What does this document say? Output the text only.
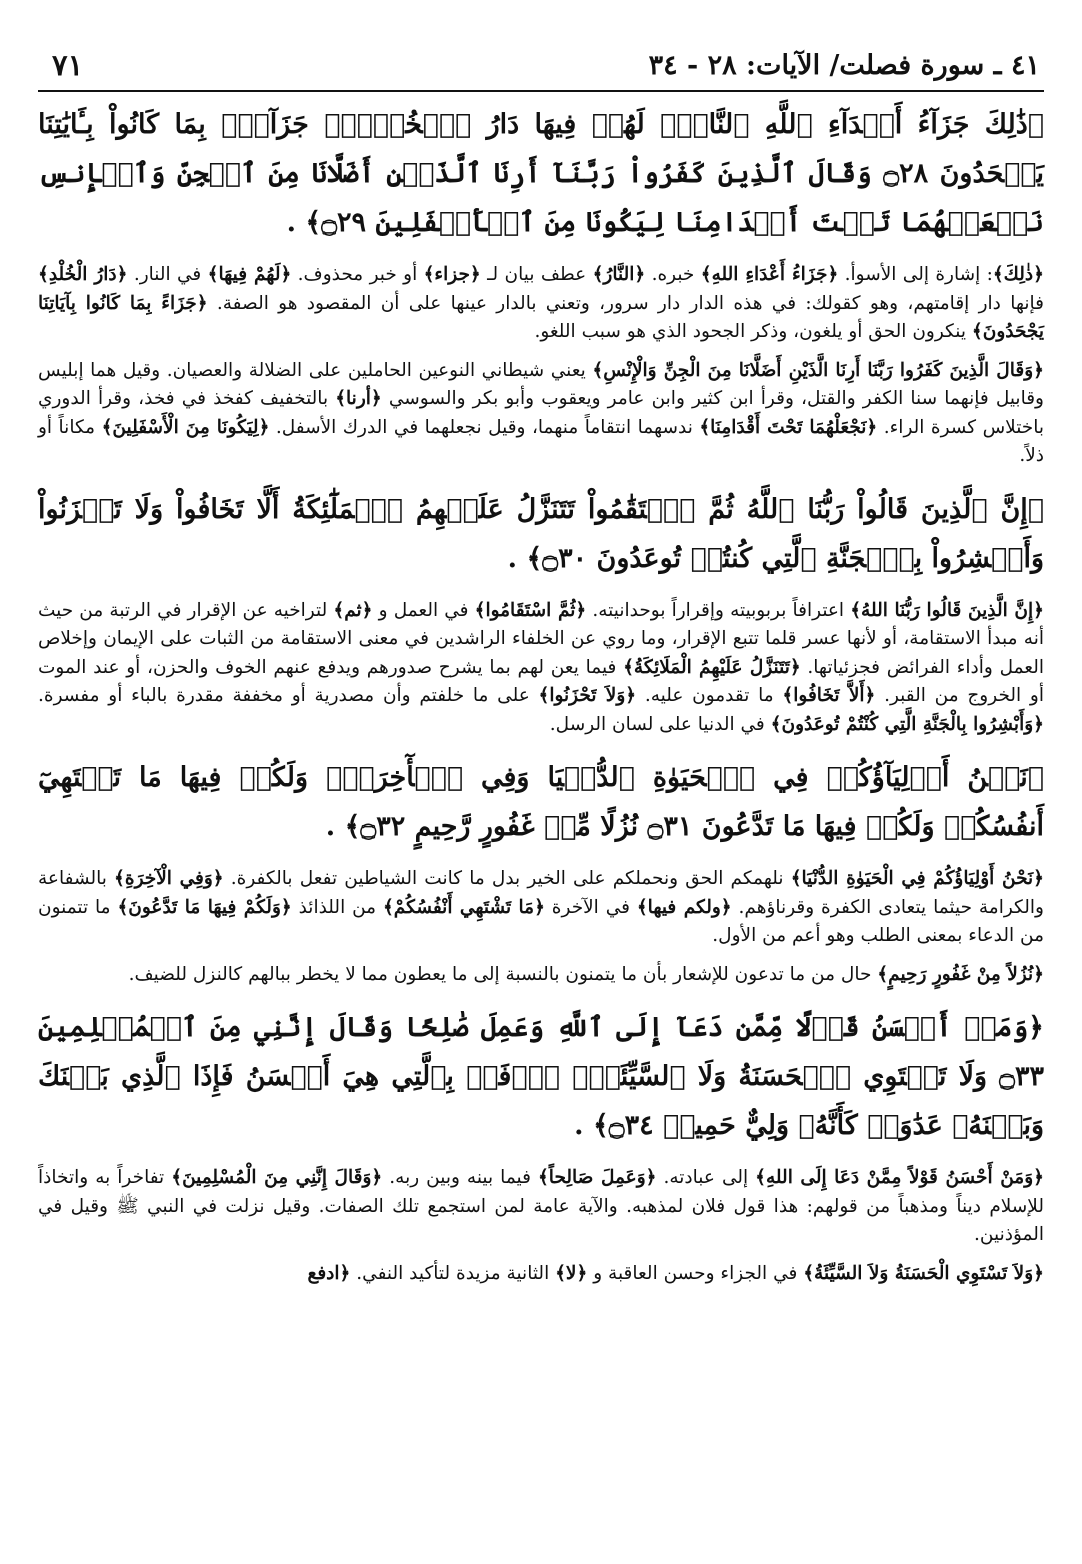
٤١ ـ سورة فصلت/ الآيات: ٢٨ - ٣٤
٧١

﴿ذَٰلِكَ جَزَآءُ أَعۡدَآءِ ٱللَّهِ ٱلنَّارُۖ لَهُمۡ فِيهَا دَارُ ٱلۡخُلۡدِۖ جَزَآءَۢ بِمَا كَانُواْ بِـَٔايَٰتِنَا يَجۡحَدُونَ ۝٢٨ وَقَالَ ٱلَّذِينَ كَفَرُواْ رَبَّنَآ أَرِنَا ٱلَّذَيۡنِ أَضَلَّانَا مِنَ ٱلۡجِنِّ وَٱلۡإِنسِ نَجۡعَلۡهُمَا تَحۡتَ أَقۡدَامِنَا لِيَكُونَا مِنَ ٱلۡأَسۡفَلِينَ ۝٢٩﴾ .

﴿ذٰلِكَ﴾: إشارة إلى الأسوأ. ﴿جَزَاءُ أَعْدَاءِ اللهِ﴾ خبره. ﴿النَّارُ﴾ عطف بيان لـ ﴿جزاء﴾ أو خبر محذوف. ﴿لَهُمْ فِيهَا﴾ في النار. ﴿دَارُ الْخُلْدِ﴾ فإنها دار إقامتهم، وهو كقولك: في هذه الدار دار سرور، وتعني بالدار عينها على أن المقصود هو الصفة. ﴿جَزَاءً بِمَا كَانُوا بِآيَاتِنَا يَجْحَدُونَ﴾ ينكرون الحق أو يلغون، وذكر الجحود الذي هو سبب اللغو.

﴿وَقَالَ الَّذِينَ كَفَرُوا رَبَّنَا أَرِنَا الَّذَيْنِ أَضَلَّانَا مِنَ الْجِنِّ وَالْإِنْسِ﴾ يعني شيطاني النوعين الحاملين على الضلالة والعصيان. وقيل هما إبليس وقابيل فإنهما سنا الكفر والقتل، وقرأ ابن كثير وابن عامر ويعقوب وأبو بكر والسوسي ﴿أرنا﴾ بالتخفيف كفخذ في فخذ، وقرأ الدوري باختلاس كسرة الراء. ﴿نَجْعَلْهُمَا تَحْتَ أَقْدَامِنَا﴾ ندسهما انتقاماً منهما، وقيل نجعلهما في الدرك الأسفل. ﴿لِيَكُونَا مِنَ الْأَسْفَلِينَ﴾ مكاناً أو ذلاً.

﴿إِنَّ ٱلَّذِينَ قَالُواْ رَبُّنَا ٱللَّهُ ثُمَّ ٱسۡتَقَٰمُواْ تَتَنَزَّلُ عَلَيۡهِمُ ٱلۡمَلَٰٓئِكَةُ أَلَّا تَخَافُواْ وَلَا تَحۡزَنُواْ وَأَبۡشِرُواْ بِٱلۡجَنَّةِ ٱلَّتِي كُنتُمۡ تُوعَدُونَ ۝٣٠﴾ .

﴿إِنَّ الَّذِينَ قَالُوا رَبُّنَا اللهُ﴾ اعترافاً بربوبيته وإقراراً بوحدانيته. ﴿ثُمَّ اسْتَقَامُوا﴾ في العمل و ﴿ثم﴾ لتراخيه عن الإقرار في الرتبة من حيث أنه مبدأ الاستقامة، أو لأنها عسر قلما تتبع الإقرار، وما روي عن الخلفاء الراشدين في معنى الاستقامة من الثبات على الإيمان وإخلاص العمل وأداء الفرائض فجزئياتها. ﴿تَتَنَزَّلُ عَلَيْهِمُ الْمَلَائِكَةُ﴾ فيما يعن لهم بما يشرح صدورهم ويدفع عنهم الخوف والحزن، أو عند الموت أو الخروج من القبر. ﴿أَلاَّ تَخَافُوا﴾ ما تقدمون عليه. ﴿وَلاَ تَحْزَنُوا﴾ على ما خلفتم وأن مصدرية أو مخففة مقدرة بالباء أو مفسرة. ﴿وَأَبْشِرُوا بِالْجَنَّةِ الَّتِي كُنْتُمْ تُوعَدُونَ﴾ في الدنيا على لسان الرسل.

﴿نَحۡنُ أَوۡلِيَآؤُكُمۡ فِي ٱلۡحَيَوٰةِ ٱلدُّنۡيَا وَفِي ٱلۡأٓخِرَةِۖ وَلَكُمۡ فِيهَا مَا تَشۡتَهِيٓ أَنفُسُكُمۡ وَلَكُمۡ فِيهَا مَا تَدَّعُونَ ۝٣١ نُزُلًا مِّنۡ غَفُورٍ رَّحِيمٍ ۝٣٢﴾ .

﴿نَحْنُ أَوْلِيَاؤُكُمْ فِي الْحَيَوٰةِ الدُّنْيَا﴾ نلهمكم الحق ونحملكم على الخير بدل ما كانت الشياطين تفعل بالكفرة. ﴿وَفِي الْآخِرَةِ﴾ بالشفاعة والكرامة حيثما يتعادى الكفرة وقرناؤهم. ﴿ولكم فيها﴾ في الآخرة ﴿مَا تَشْتَهِي أَنْفُسُكُمْ﴾ من اللذائذ ﴿وَلَكُمْ فِيهَا مَا تَدَّعُونَ﴾ ما تتمنون من الدعاء بمعنى الطلب وهو أعم من الأول.

﴿نُزُلاً مِنْ غَفُورٍ رَحِيمٍ﴾ حال من ما تدعون للإشعار بأن ما يتمنون بالنسبة إلى ما يعطون مما لا يخطر ببالهم كالنزل للضيف.

﴿وَمَنۡ أَحۡسَنُ قَوۡلًا مِّمَّن دَعَآ إِلَى ٱللَّهِ وَعَمِلَ صَٰلِحًا وَقَالَ إِنَّنِي مِنَ ٱلۡمُسۡلِمِينَ ۝٣٣ وَلَا تَسۡتَوِي ٱلۡحَسَنَةُ وَلَا ٱلسَّيِّئَةُۚ ٱدۡفَعۡ بِٱلَّتِي هِيَ أَحۡسَنُ فَإِذَا ٱلَّذِي بَيۡنَكَ وَبَيۡنَهُۥ عَدَٰوَةٞ كَأَنَّهُۥ وَلِيٌّ حَمِيمٞ ۝٣٤﴾ .

﴿وَمَنْ أَحْسَنُ قَوْلاً مِمَّنْ دَعَا إِلَى اللهِ﴾ إلى عبادته. ﴿وَعَمِلَ صَالِحاً﴾ فيما بينه وبين ربه. ﴿وَقَالَ إِنَّنِي مِنَ الْمُسْلِمِينَ﴾ تفاخراً به واتخاذاً للإسلام ديناً ومذهباً من قولهم: هذا قول فلان لمذهبه. والآية عامة لمن استجمع تلك الصفات. وقيل نزلت في النبي ﷺ وقيل في المؤذنين.

﴿وَلاَ تَسْتَوِي الْحَسَنَةُ وَلاَ السَّيِّئَةُ﴾ في الجزاء وحسن العاقبة و ﴿لا﴾ الثانية مزيدة لتأكيد النفي. ﴿ادفع
